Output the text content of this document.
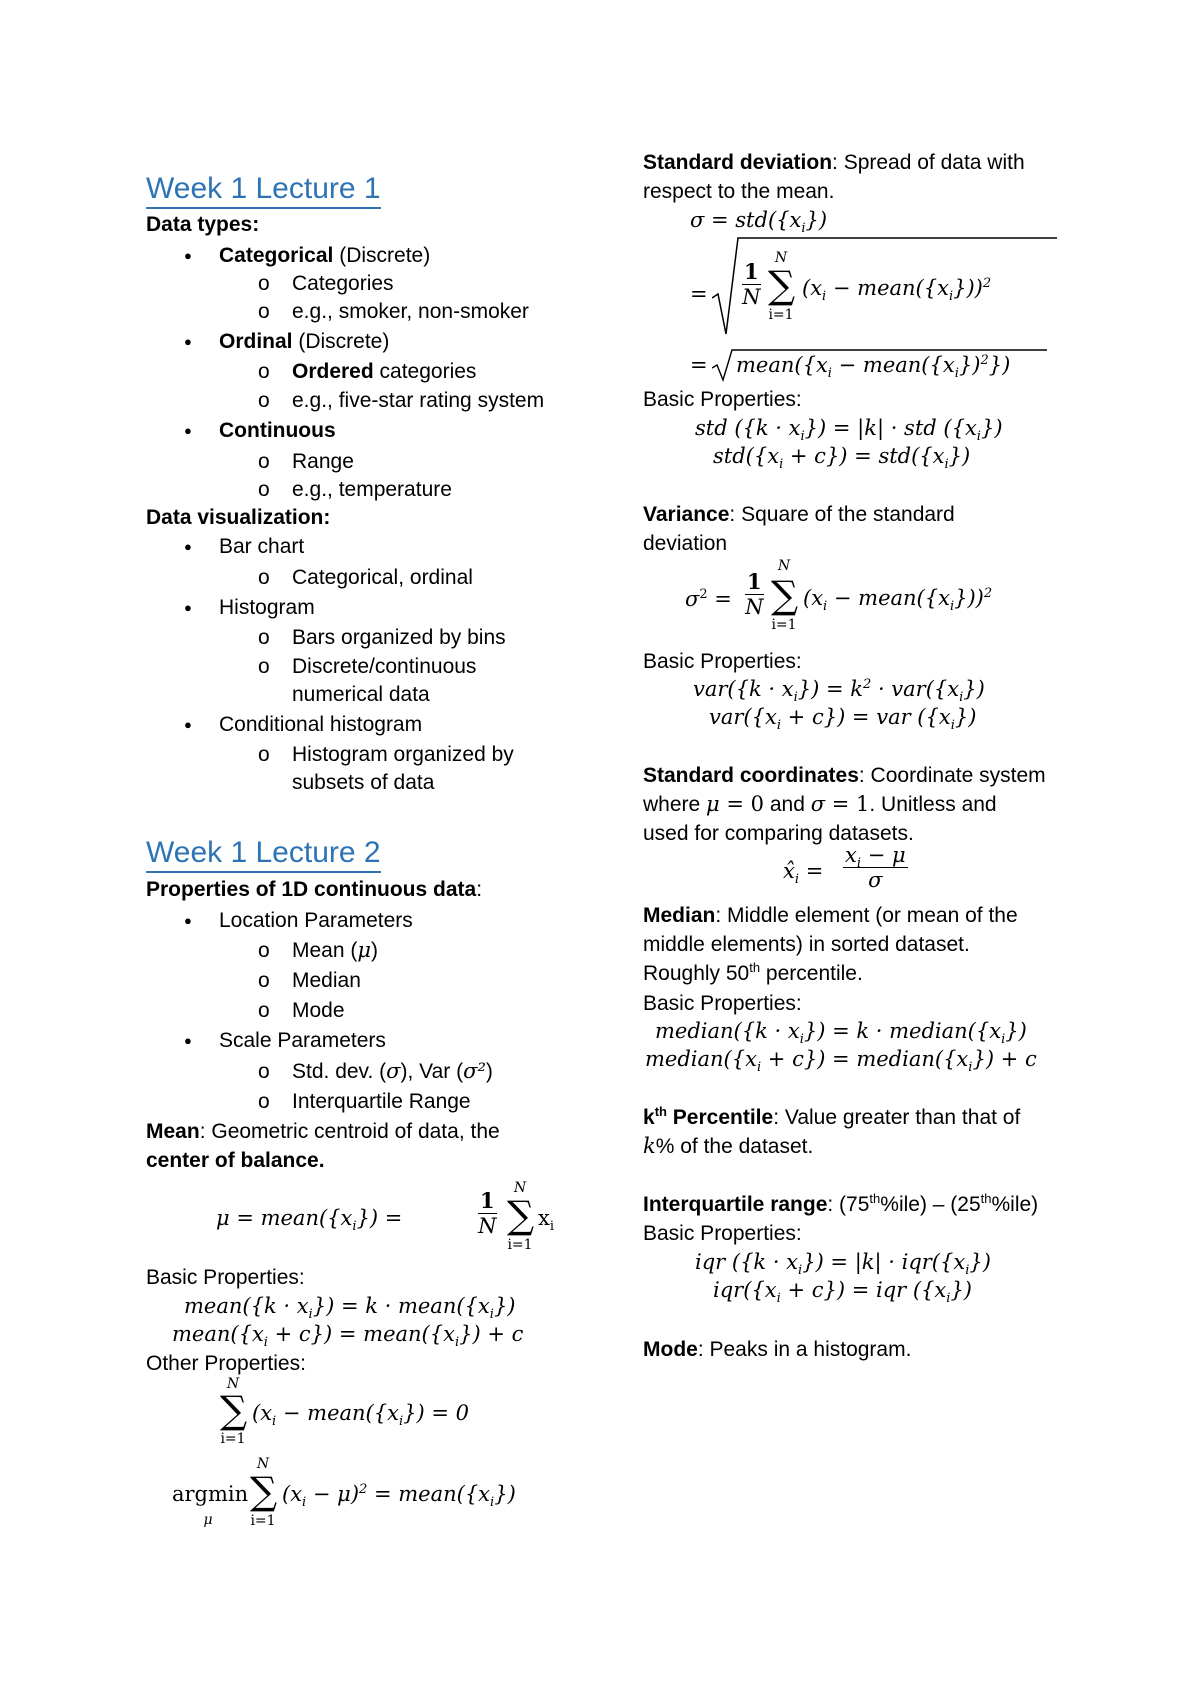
Week 1 Lecture 1
Data types:
● Categorical (Discrete)
o Categories
o e.g., smoker, non-smoker
● Ordinal (Discrete)
o Ordered categories
o e.g., five-star rating system
● Continuous
o Range
o e.g., temperature
Data visualization:
● Bar chart
o Categorical, ordinal
● Histogram
o Bars organized by bins
o Discrete/continuous
numerical data
● Conditional histogram
o Histogram organized by
subsets of data
Week 1 Lecture 2
Properties of 1D continuous data:
● Location Parameters
o Mean (μ)
o Median
o Mode
● Scale Parameters
o Std. dev. (σ), Var (σ²)
o Interquartile Range
Mean: Geometric centroid of data, the
center of balance.
$\mu = mean(\{x_i\})$ =	$\frac{1}{N}$
N
∑
i=1
$x_i$
Basic Properties:
mean({k · $x_i\}) = k$ · $mean(\{x_i\})$
$mean(\{x_i + c\})$ = $mean(\{x_i\}) + c$
Other Properties:
N
∑
i=1
($x_i$ − $mean(\{x_i\}) = 0$
argmin
μ
N
∑
i=1
$(x_i - \mu)^2$ = $mean(\{x_i\})$
Standard deviation: Spread of data with
respect to the mean.
$\sigma = std(\{x_i\})$
= $\frac{1}{N}$
N
∑
i=1
($x_i$ − $mean(\{x_i\}))^2$
= $mean(\{x_i$ − $mean(\{x_i\})^2$})
Basic Properties:
std $(\{k \cdot x_i\}) = |k|$ · std $(\{x_i\})$
$std(\{x_i + c\}) = std(\{x_i\})$
Variance: Square of the standard
deviation
$\sigma^2 = \frac{1}{N}$
N
∑
i=1
($x_i$ − $mean(\{x_i\}))^2$
Basic Properties:
$var(\{k \cdot x_i\}) = k^2 \cdot var(\{x_i\})$
$var(\{x_i + c\})$ = var $(\{x_i\})$
Standard coordinates: Coordinate system
where μ = 0 and σ = 1. Unitless and
used for comparing datasets.
$x̂_i = \frac{x_i - \mu}{\sigma}$
Median: Middle element (or mean of the
middle elements) in sorted dataset.
Roughly 50th percentile.
Basic Properties:
median({k · $x_i\}) = k$ · $median(\{x_i\})$
$median(\{x_i + c\})$ = $median(\{x_i\}) + c$
$k^{th}$ Percentile: Value greater than that of
k% of the dataset.
Interquartile range: (75th%ile) – (25th%ile)
Basic Properties:
iqr $(\{k \cdot x_i\}) = |k| \cdot iqr(\{x_i\})$
$iqr(\{x_i + c\})$ = iqr $(\{x_i\})$
Mode: Peaks in a histogram.
